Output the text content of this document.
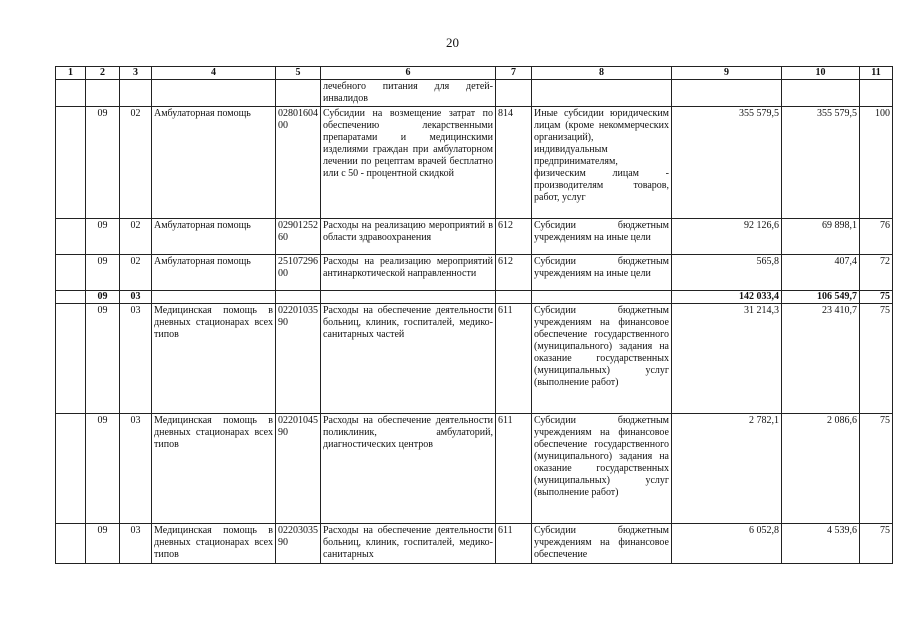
20
1	2	3	4	5	6	7	8	9	10	11
					лечебного питания для детей-инвалидов					
	09	02	Амбулаторная помощь	0280160400	Субсидии на возмещение затрат по обеспечению лекарственными препаратами и медицинскими изделиями граждан при амбулаторном лечении по рецептам врачей бесплатно или с 50 - процентной скидкой	814	Иные субсидии юридическим лицам (кроме некоммерческих организаций), индивидуальным предпринимателям, физическим лицам - производителям товаров, работ, услуг	355 579,5	355 579,5	100
	09	02	Амбулаторная помощь	0290125260	Расходы на реализацию мероприятий в области здравоохранения	612	Субсидии бюджетным учреждениям на иные цели	92 126,6	69 898,1	76
	09	02	Амбулаторная помощь	2510729600	Расходы на реализацию мероприятий антинаркотической направленности	612	Субсидии бюджетным учреждениям на иные цели	565,8	407,4	72
	09	03						142 033,4	106 549,7	75
	09	03	Медицинская помощь в дневных стационарах всех типов	0220103590	Расходы на обеспечение деятельности больниц, клиник, госпиталей, медико-санитарных частей	611	Субсидии бюджетным учреждениям на финансовое обеспечение государственного (муниципального) задания на оказание государственных (муниципальных) услуг (выполнение работ)	31 214,3	23 410,7	75
	09	03	Медицинская помощь в дневных стационарах всех типов	0220104590	Расходы на обеспечение деятельности поликлиник, амбулаторий, диагностических центров	611	Субсидии бюджетным учреждениям на финансовое обеспечение государственного (муниципального) задания на оказание государственных (муниципальных) услуг (выполнение работ)	2 782,1	2 086,6	75
	09	03	Медицинская помощь в дневных стационарах всех типов	0220303590	Расходы на обеспечение деятельности больниц, клиник, госпиталей, медико-санитарных	611	Субсидии бюджетным учреждениям на финансовое обеспечение	6 052,8	4 539,6	75
